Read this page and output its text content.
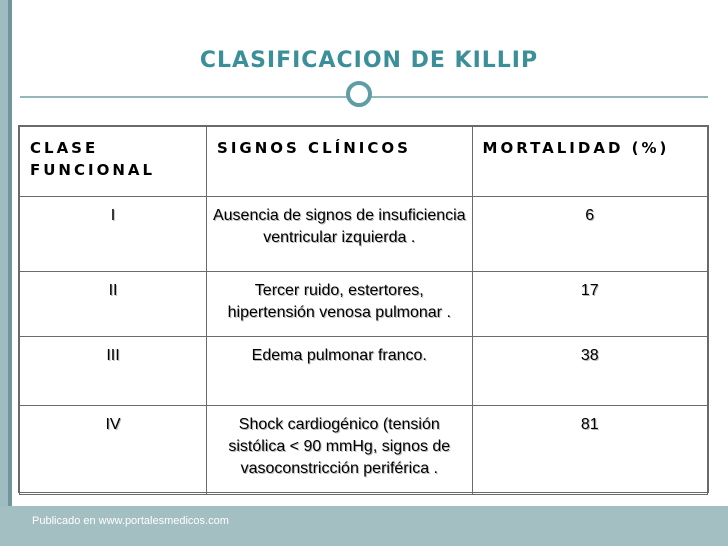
CLASIFICACION DE KILLIP
CLASE FUNCIONAL	SIGNOS CLÍNICOS	MORTALIDAD (%)
I	Ausencia de signos de insuficiencia ventricular izquierda .	6
II	Tercer ruido, estertores, hipertensión venosa pulmonar .	17
III	Edema pulmonar franco.	38
IV	Shock cardiogénico (tensión sistólica < 90 mmHg, signos de vasoconstricción periférica .	81
Publicado en www.portalesmedicos.com
